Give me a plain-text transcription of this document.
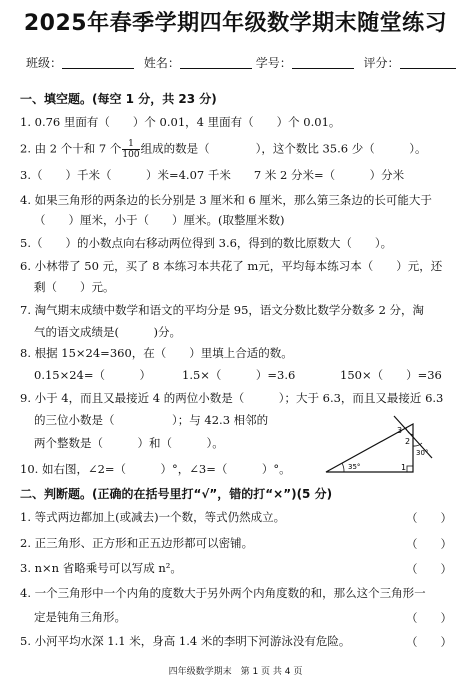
2025年春季学期四年级数学期末随堂练习
班级：	姓名：	学号：	评分：
一、填空题。(每空 1 分，共 23 分)
1. 0.76 里面有（　　）个 0.01，4 里面有（　　）个 0.01。
2. 由 2 个十和 7 个 $\frac{1}{100}$ 组成的数是（　　　　），这个数比 35.6 少（　　　）。
3.（　　）千米（　　　）米=4.07 千米　　7 米 2 分米=（　　　）分米
4. 如果三角形的两条边的长分别是 3 厘米和 6 厘米，那么第三条边的长可能大于
（　　）厘米，小于（　　）厘米。(取整厘米数)
5.（　　）的小数点向右移动两位得到 3.6，得到的数比原数大（　　）。
6. 小林带了 50 元，买了 8 本练习本共花了 m元，平均每本练习本（　　）元，还
剩（　　）元。
7. 淘气期末成绩中数学和语文的平均分是 95，语文分数比数学分数多 2 分，淘
气的语文成绩是(　　　)分。
8. 根据 15×24=360，在（　　）里填上合适的数。
0.15×24=（　　　）	1.5×（　　　）=3.6	150×（　　）=36
9. 小于 4，而且又最接近 4 的两位小数是（　　　）；大于 6.3，而且又最接近 6.3
的三位小数是（　　　　　）；与 42.3 相邻的
两个整数是（　　　）和（　　　）。
10. 如右图，∠2=（　　　）°，∠3=（　　　）°。	35°	1
2
3
30°
二、判断题。(正确的在括号里打“√”，错的打“×”)(5 分)
1. 等式两边都加上(或减去)一个数，等式仍然成立。	（　　）
2. 正三角形、正方形和正五边形都可以密铺。	（　　）
3. n×n 省略乘号可以写成 n²。	（　　）
4. 一个三角形中一个内角的度数大于另外两个内角度数的和，那么这个三角形一
定是钝角三角形。	（　　）
5. 小河平均水深 1.1 米，身高 1.4 米的李明下河游泳没有危险。	（　　）
四年级数学期末　第 1 页 共 4 页
